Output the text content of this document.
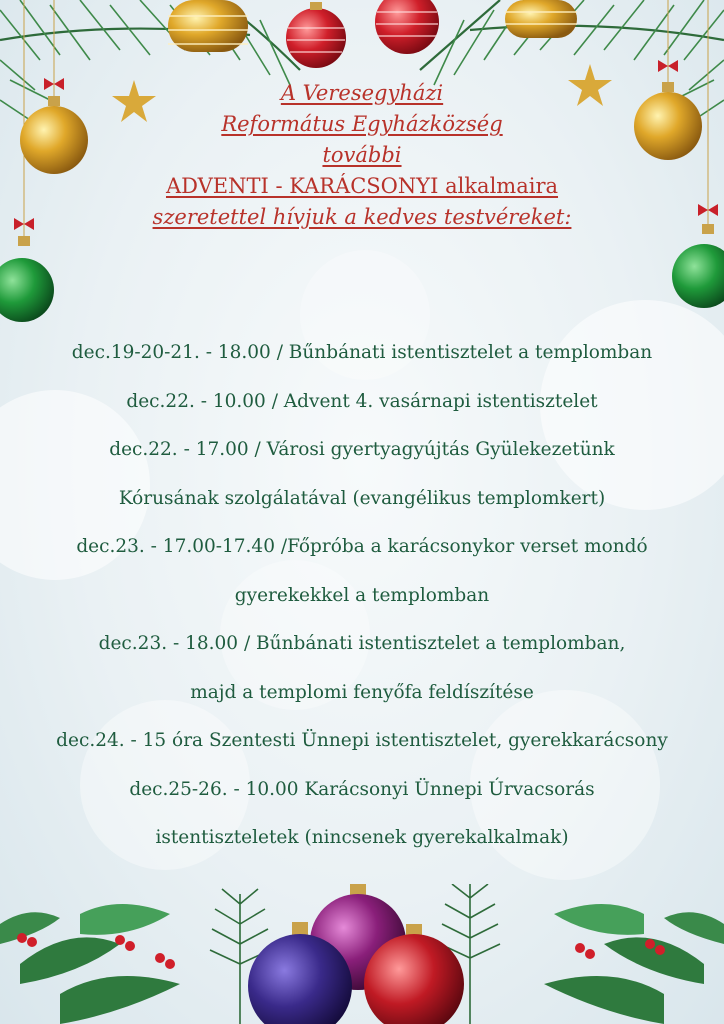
A Veresegyházi
Református Egyházközség
további
ADVENTI - KARÁCSONYI alkalmaira
szeretettel hívjuk a kedves testvéreket:
dec.19-20-21. - 18.00 / Bűnbánati istentisztelet a templomban
dec.22. - 10.00 / Advent 4. vasárnapi istentisztelet
dec.22. - 17.00 / Városi gyertyagyújtás Gyülekezetünk
Kórusának szolgálatával (evangélikus templomkert)
dec.23. - 17.00-17.40 /Főpróba a karácsonykor verset mondó
gyerekekkel a templomban
dec.23. - 18.00 / Bűnbánati istentisztelet a templomban,
majd a templomi fenyőfa feldíszítése
dec.24. - 15 óra Szentesti Ünnepi istentisztelet, gyerekkarácsony
dec.25-26. - 10.00 Karácsonyi Ünnepi Úrvacsorás
istentiszteletek (nincsenek gyerekalkalmak)
